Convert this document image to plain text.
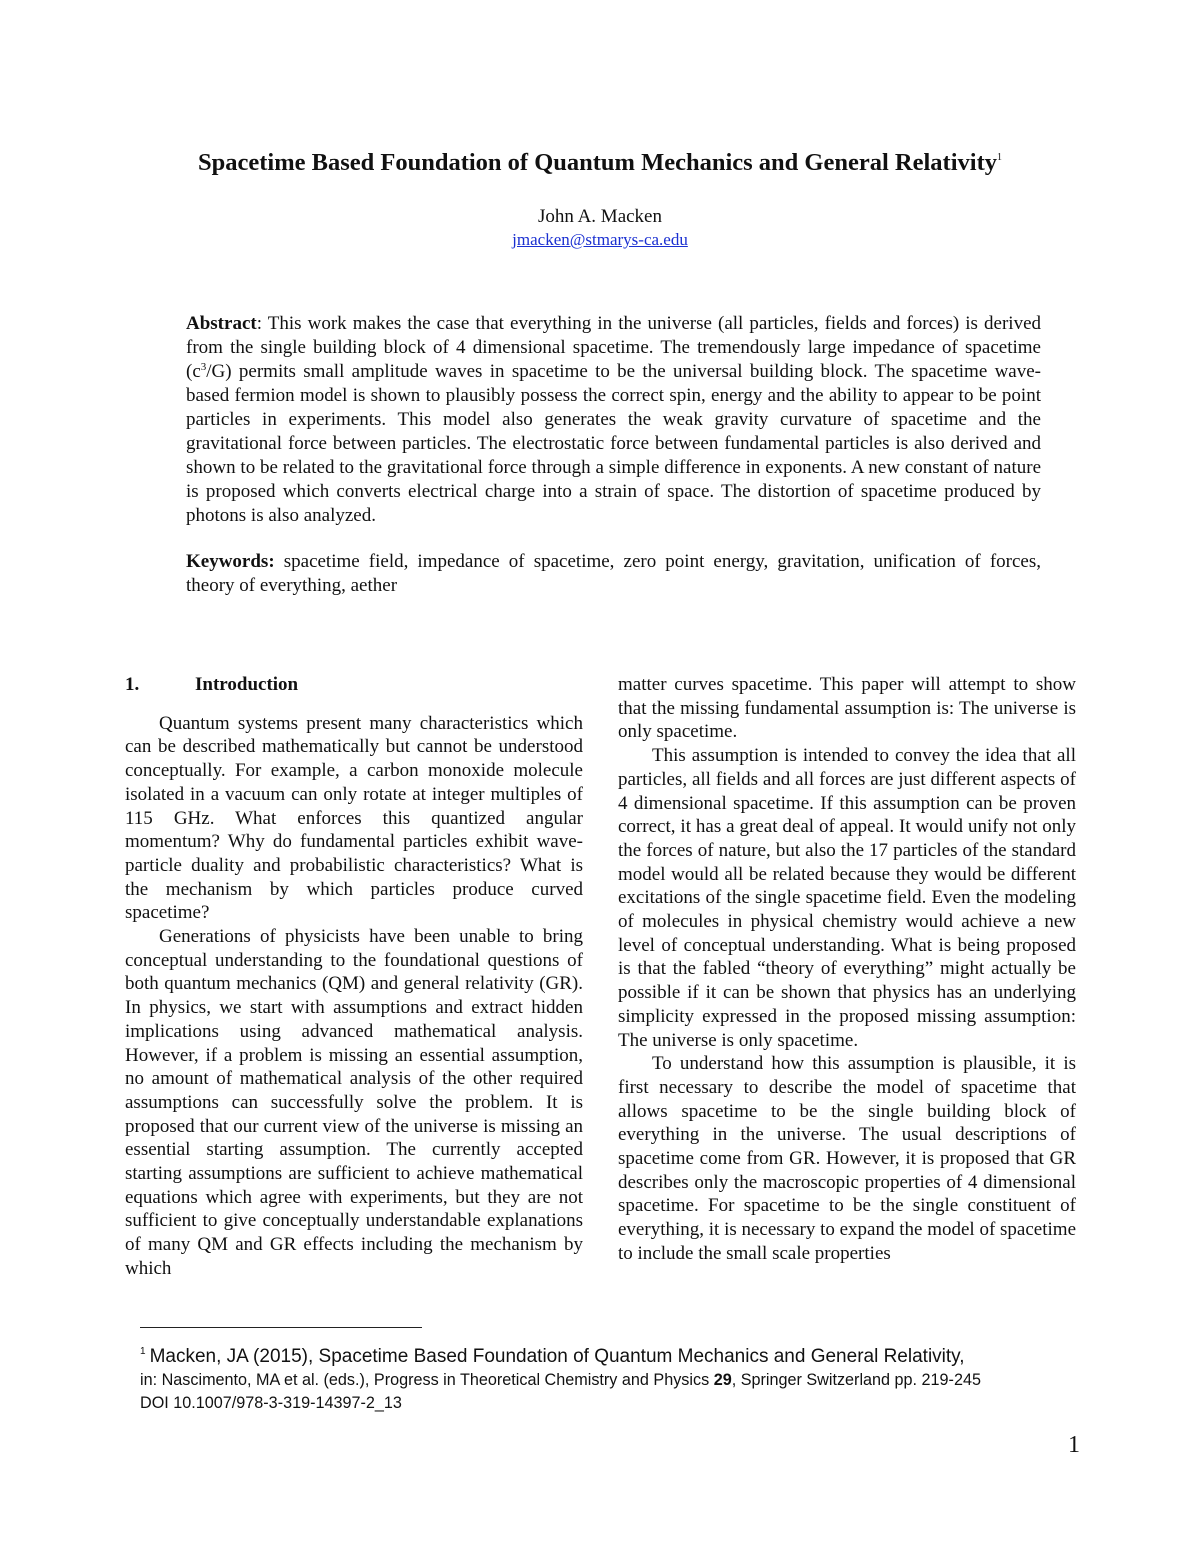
Spacetime Based Foundation of Quantum Mechanics and General Relativity$^1$
John A. Macken
jmacken@stmarys-ca.edu
Abstract: This work makes the case that everything in the universe (all particles, fields and forces) is derived from the single building block of 4 dimensional spacetime. The tremendously large impedance of spacetime $(c^3/G)$ permits small amplitude waves in spacetime to be the universal building block. The spacetime wave-based fermion model is shown to plausibly possess the correct spin, energy and the ability to appear to be point particles in experiments. This model also generates the weak gravity curvature of spacetime and the gravitational force between particles. The electrostatic force between fundamental particles is also derived and shown to be related to the gravitational force through a simple difference in exponents. A new constant of nature is proposed which converts electrical charge into a strain of space. The distortion of spacetime produced by photons is also analyzed.
Keywords: spacetime field, impedance of spacetime, zero point energy, gravitation, unification of forces, theory of everything, aether
1.	Introduction

Quantum systems present many characteristics which can be described mathematically but cannot be understood conceptually. For example, a carbon monoxide molecule isolated in a vacuum can only rotate at integer multiples of 115 GHz. What enforces this quantized angular momentum? Why do fundamental particles exhibit wave-particle duality and probabilistic characteristics? What is the mechanism by which particles produce curved spacetime?

Generations of physicists have been unable to bring conceptual understanding to the foundational questions of both quantum mechanics (QM) and general relativity (GR). In physics, we start with assumptions and extract hidden implications using advanced mathematical analysis. However, if a problem is missing an essential assumption, no amount of mathematical analysis of the other required assumptions can successfully solve the problem. It is proposed that our current view of the universe is missing an essential starting assumption. The currently accepted starting assumptions are sufficient to achieve mathematical equations which agree with experiments, but they are not sufficient to give conceptually understandable explanations of many QM and GR effects including the mechanism by which

matter curves spacetime. This paper will attempt to show that the missing fundamental assumption is: The universe is only spacetime.

This assumption is intended to convey the idea that all particles, all fields and all forces are just different aspects of 4 dimensional spacetime. If this assumption can be proven correct, it has a great deal of appeal. It would unify not only the forces of nature, but also the 17 particles of the standard model would all be related because they would be different excitations of the single spacetime field. Even the modeling of molecules in physical chemistry would achieve a new level of conceptual understanding. What is being proposed is that the fabled “theory of everything” might actually be possible if it can be shown that physics has an underlying simplicity expressed in the proposed missing assumption: The universe is only spacetime.

To understand how this assumption is plausible, it is first necessary to describe the model of spacetime that allows spacetime to be the single building block of everything in the universe. The usual descriptions of spacetime come from GR. However, it is proposed that GR describes only the macroscopic properties of 4 dimensional spacetime. For spacetime to be the single constituent of everything, it is necessary to expand the model of spacetime to include the small scale properties

$^1$ Macken, JA (2015), Spacetime Based Foundation of Quantum Mechanics and General Relativity,
in: Nascimento, MA et al. (eds.), Progress in Theoretical Chemistry and Physics 29, Springer Switzerland pp. 219-245
DOI 10.1007/978-3-319-14397-2_13
1
